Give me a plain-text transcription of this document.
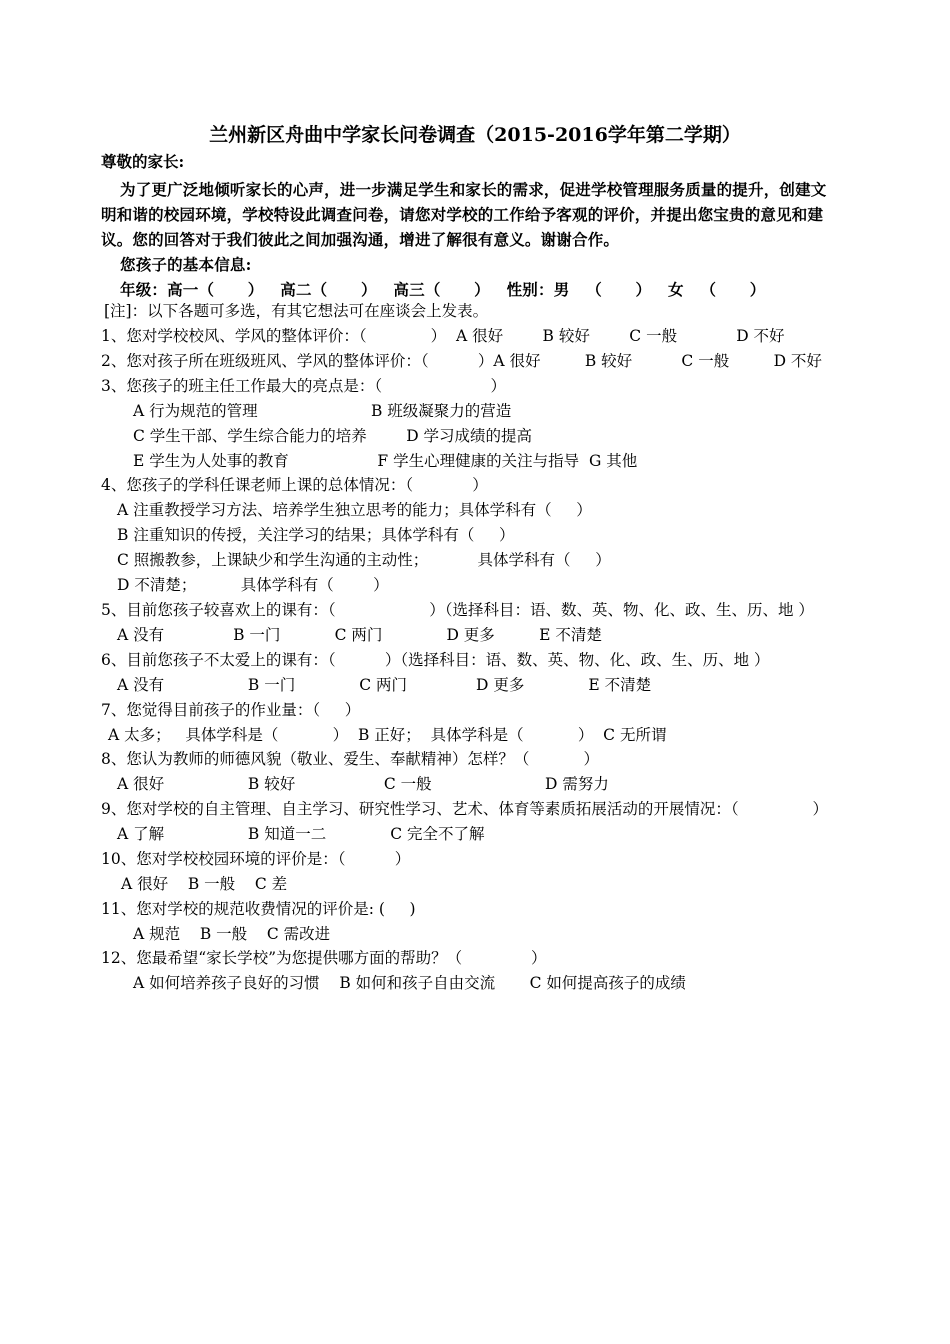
兰州新区舟曲中学家长问卷调查（2015-2016学年第二学期）
尊敬的家长:
为了更广泛地倾听家长的心声，进一步满足学生和家长的需求，促进学校管理服务质量的提升，创建文
明和谐的校园环境，学校特设此调查问卷，请您对学校的工作给予客观的评价，并提出您宝贵的意见和建
议。您的回答对于我们彼此之间加强沟通，增进了解很有意义。谢谢合作。
您孩子的基本信息:
年级：高一（      ）   高二（      ）   高三（      ）   性别：男   （      ）   女   （      ）
[注]：以下各题可多选，有其它想法可在座谈会上发表。
1、您对学校校风、学风的整体评价：（             ）  A 很好        B 较好        C 一般            D 不好
2、您对孩子所在班级班风、学风的整体评价：（          ）A 很好         B 较好          C 一般         D 不好
3、您孩子的班主任工作最大的亮点是：（                      ）
A 行为规范的管理                       B 班级凝聚力的营造
C 学生干部、学生综合能力的培养        D 学习成绩的提高
E 学生为人处事的教育                  F 学生心理健康的关注与指导  G 其他
4、您孩子的学科任课老师上课的总体情况：（            ）
A 注重教授学习方法、培养学生独立思考的能力；具体学科有（     ）
B 注重知识的传授，关注学习的结果；具体学科有（     ）
C 照搬教参，上课缺少和学生沟通的主动性；          具体学科有（     ）
D 不清楚；         具体学科有（        ）
5、目前您孩子较喜欢上的课有：（                   ）（选择科目：语、数、英、物、化、政、生、历、地 ）
A 没有              B 一门           C 两门             D 更多         E 不清楚
6、目前您孩子不太爱上的课有：（          ）（选择科目：语、数、英、物、化、政、生、历、地 ）
A 没有                 B 一门             C 两门              D 更多             E 不清楚
7、您觉得目前孩子的作业量：（     ）
A 太多；   具体学科是（           ）  B 正好；  具体学科是（           ）  C 无所谓
8、您认为教师的师德风貌（敬业、爱生、奉献精神）怎样？（           ）
A 很好                 B 较好                  C 一般                       D 需努力
9、您对学校的自主管理、自主学习、研究性学习、艺术、体育等素质拓展活动的开展情况：（               ）
A 了解                 B 知道一二             C 完全不了解
10、您对学校校园环境的评价是：（          ）
A 很好    B 一般    C 差
11、您对学校的规范收费情况的评价是: (     )
A 规范    B 一般    C 需改进
12、您最希望“家长学校”为您提供哪方面的帮助？（              ）
A 如何培养孩子良好的习惯    B 如何和孩子自由交流       C 如何提高孩子的成绩
